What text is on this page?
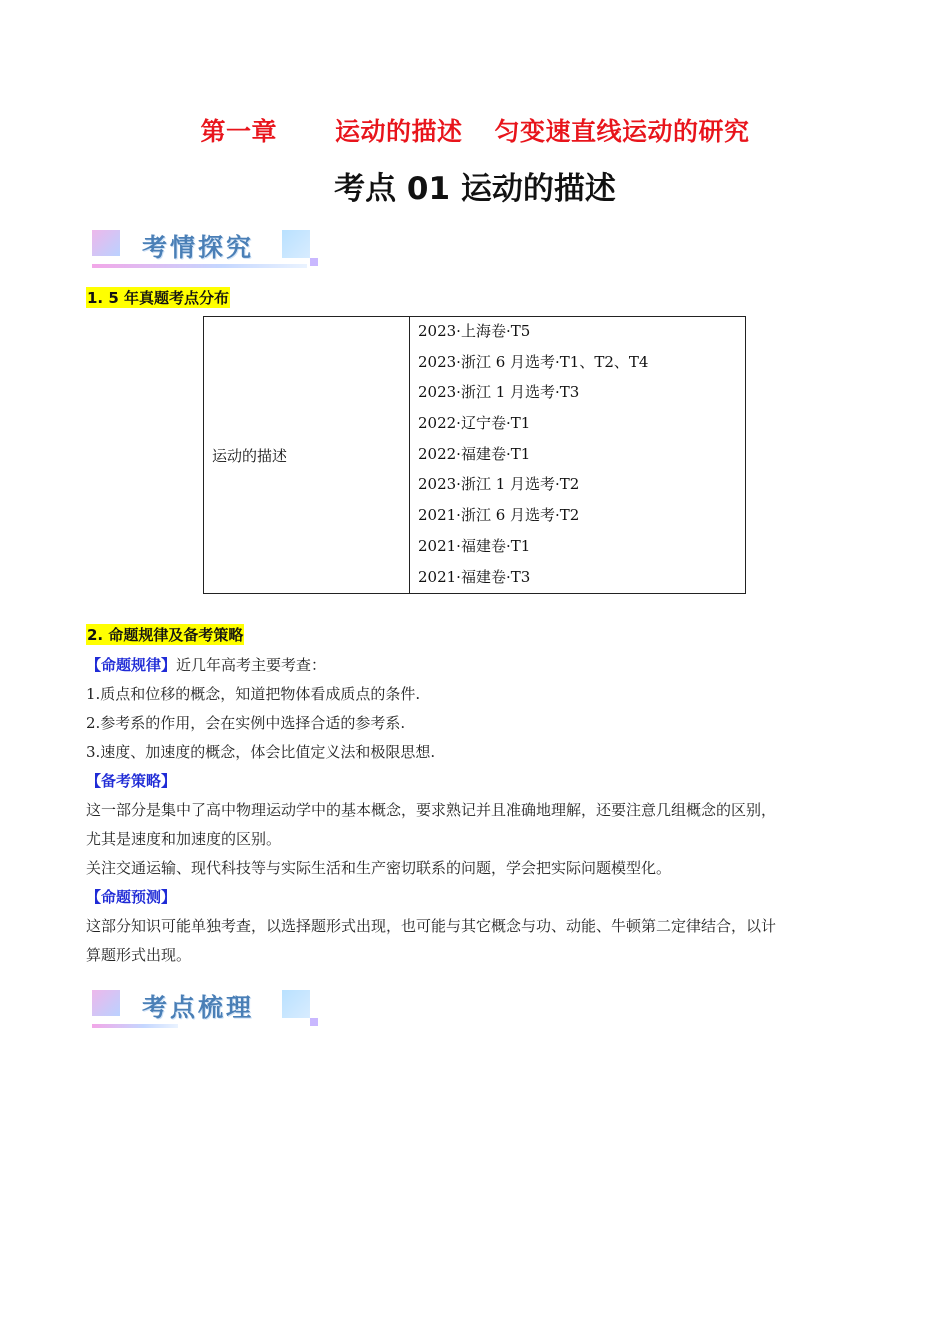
第一章 运动的描述 匀变速直线运动的研究
考点 01 运动的描述
考情探究
1. 5 年真题考点分布
运动的描述	
2023·上海卷·T5
2023·浙江 6 月选考·T1、T2、T4
2023·浙江 1 月选考·T3
2022·辽宁卷·T1
2022·福建卷·T1
2023·浙江 1 月选考·T2
2021·浙江 6 月选考·T2
2021·福建卷·T1
2021·福建卷·T3
2. 命题规律及备考策略
【命题规律】近几年高考主要考查：
1.质点和位移的概念，知道把物体看成质点的条件.
2.参考系的作用，会在实例中选择合适的参考系.
3.速度、加速度的概念，体会比值定义法和极限思想.
【备考策略】
这一部分是集中了高中物理运动学中的基本概念，要求熟记并且准确地理解，还要注意几组概念的区别，
尤其是速度和加速度的区别。
关注交通运输、现代科技等与实际生活和生产密切联系的问题，学会把实际问题模型化。
【命题预测】
这部分知识可能单独考查，以选择题形式出现，也可能与其它概念与功、动能、牛顿第二定律结合，以计
算题形式出现。
考点梳理
